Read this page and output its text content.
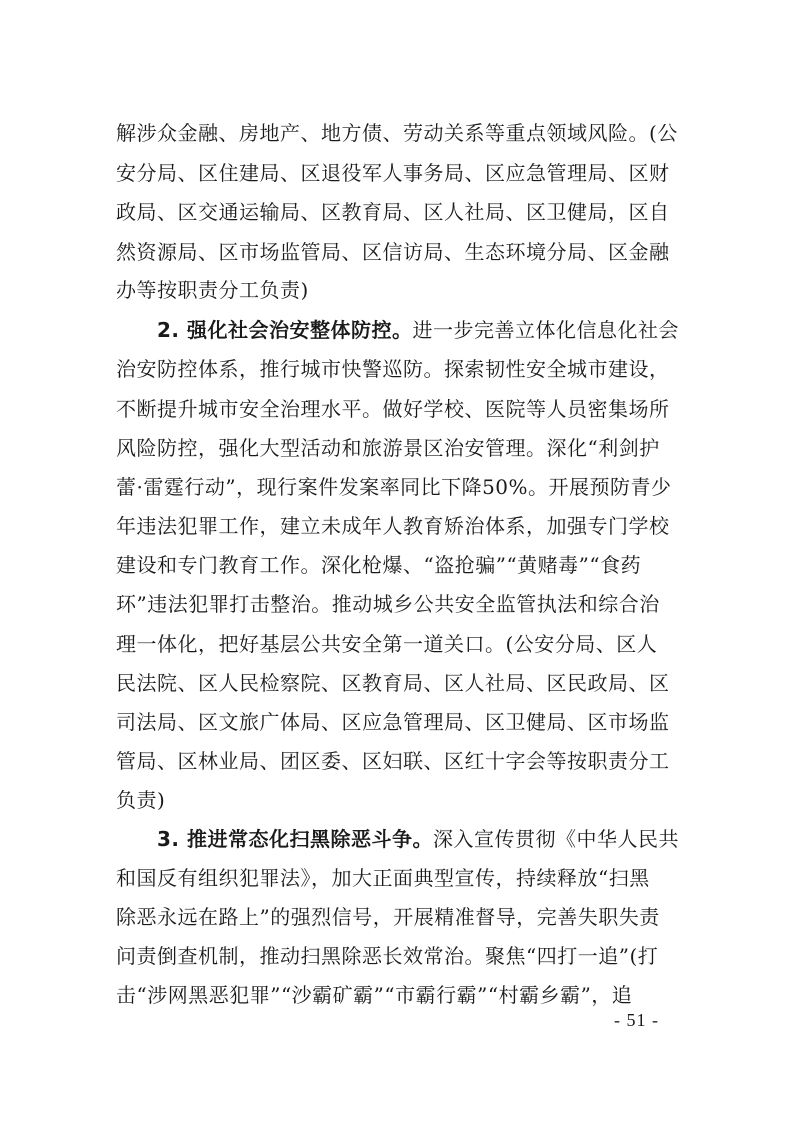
解涉众金融、房地产、地方债、劳动关系等重点领域风险。(公
安分局、区住建局、区退役军人事务局、区应急管理局、区财
政局、区交通运输局、区教育局、区人社局、区卫健局，区自
然资源局、区市场监管局、区信访局、生态环境分局、区金融
办等按职责分工负责)
2. 强化社会治安整体防控。进一步完善立体化信息化社会
治安防控体系，推行城市快警巡防。探索韧性安全城市建设，
不断提升城市安全治理水平。做好学校、医院等人员密集场所
风险防控，强化大型活动和旅游景区治安管理。深化“利剑护
蕾·雷霆行动”，现行案件发案率同比下降50%。开展预防青少
年违法犯罪工作，建立未成年人教育矫治体系，加强专门学校
建设和专门教育工作。深化枪爆、“盗抢骗”“黄赌毒”“食药
环”违法犯罪打击整治。推动城乡公共安全监管执法和综合治
理一体化，把好基层公共安全第一道关口。(公安分局、区人
民法院、区人民检察院、区教育局、区人社局、区民政局、区
司法局、区文旅广体局、区应急管理局、区卫健局、区市场监
管局、区林业局、团区委、区妇联、区红十字会等按职责分工
负责)
3. 推进常态化扫黑除恶斗争。深入宣传贯彻《中华人民共
和国反有组织犯罪法》，加大正面典型宣传，持续释放“扫黑
除恶永远在路上”的强烈信号，开展精准督导，完善失职失责
问责倒查机制，推动扫黑除恶长效常治。聚焦“四打一追”(打
击“涉网黑恶犯罪”“沙霸矿霸”“市霸行霸”“村霸乡霸”，追
- 51 -
